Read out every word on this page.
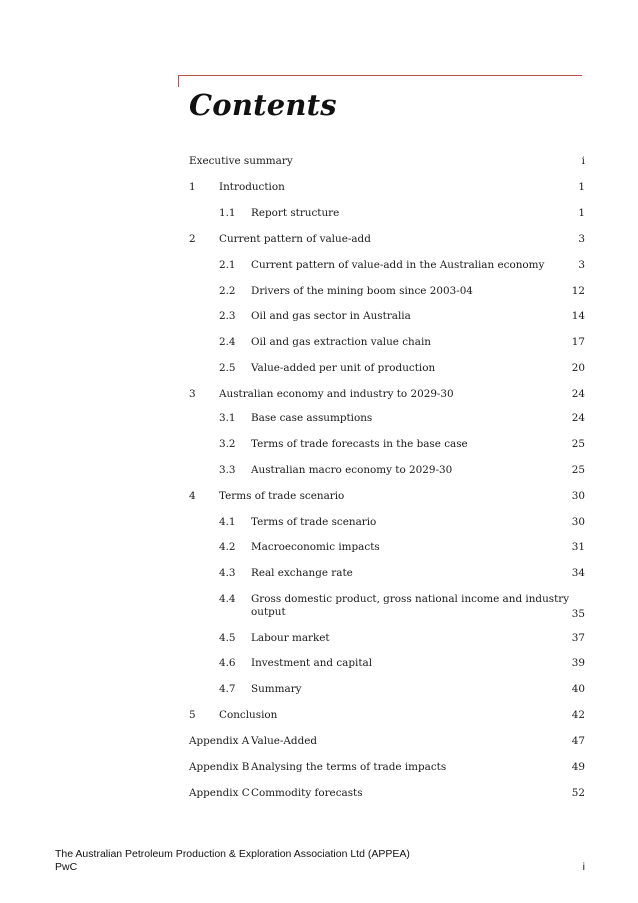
Contents
Executive summary	i
1 Introduction	1
1.1 Report structure	1
2 Current pattern of value-add	3
2.1 Current pattern of value-add in the Australian economy	3
2.2 Drivers of the mining boom since 2003-04	12
2.3 Oil and gas sector in Australia	14
2.4 Oil and gas extraction value chain	17
2.5 Value-added per unit of production	20
3 Australian economy and industry to 2029-30	24
3.1 Base case assumptions	24
3.2 Terms of trade forecasts in the base case	25
3.3 Australian macro economy to 2029-30	25
4 Terms of trade scenario	30
4.1 Terms of trade scenario	30
4.2 Macroeconomic impacts	31
4.3 Real exchange rate	34
4.4 Gross domestic product, gross national income and industry
output	35
4.5 Labour market	37
4.6 Investment and capital	39
4.7 Summary	40
5 Conclusion	42
Appendix A Value-Added	47
Appendix B Analysing the terms of trade impacts	49
Appendix C Commodity forecasts	52
The Australian Petroleum Production & Exploration Association Ltd (APPEA)
PwC	i
